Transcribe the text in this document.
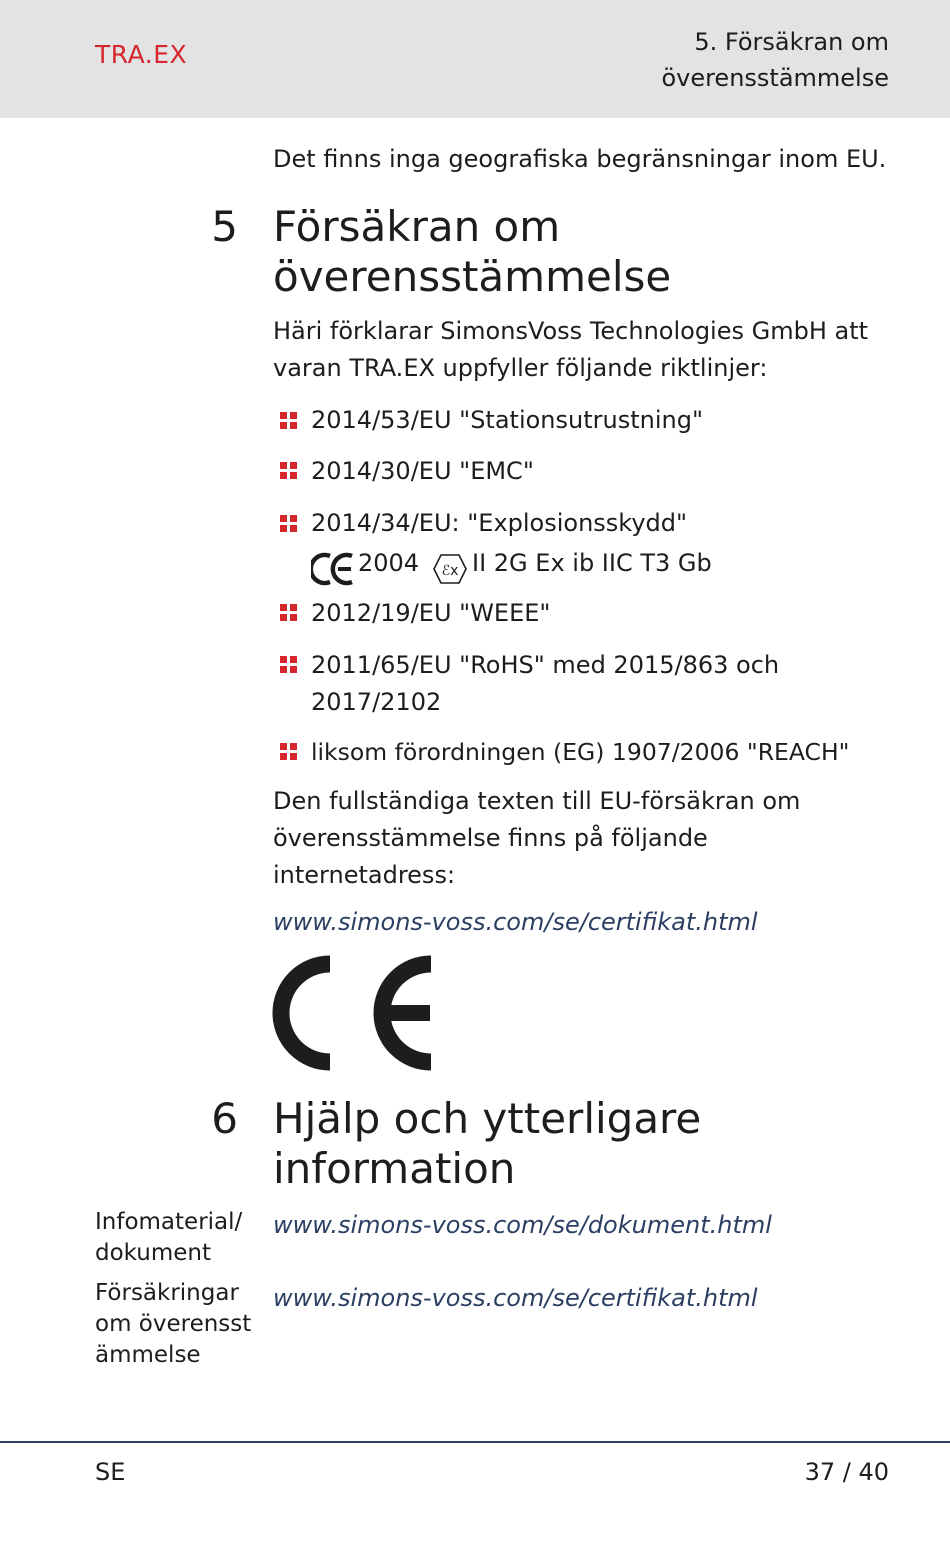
TRA.EX	5. Försäkran om
överensstämmelse
Det finns inga geografiska begränsningar inom EU.
5 Försäkran om
överensstämmelse
Häri förklarar SimonsVoss Technologies GmbH att varan TRA.EX uppfyller följande riktlinjer:
2014/53/EU "Stationsutrustning"
2014/30/EU "EMC"
2014/34/EU: "Explosionsskydd"
2004 ℰx II 2G Ex ib IIC T3 Gb
2012/19/EU "WEEE"
2011/65/EU "RoHS" med 2015/863 och 2017/2102
liksom förordningen (EG) 1907/2006 "REACH"
Den fullständiga texten till EU-försäkran om överensstämmelse finns på följande internetadress:
www.simons-voss.com/se/certifikat.html
6 Hjälp och ytterligare
information
Infomaterial/ dokument
www.simons-voss.com/se/dokument.html
Försäkringar om överensstämmelse
www.simons-voss.com/se/certifikat.html
SE	37 / 40
